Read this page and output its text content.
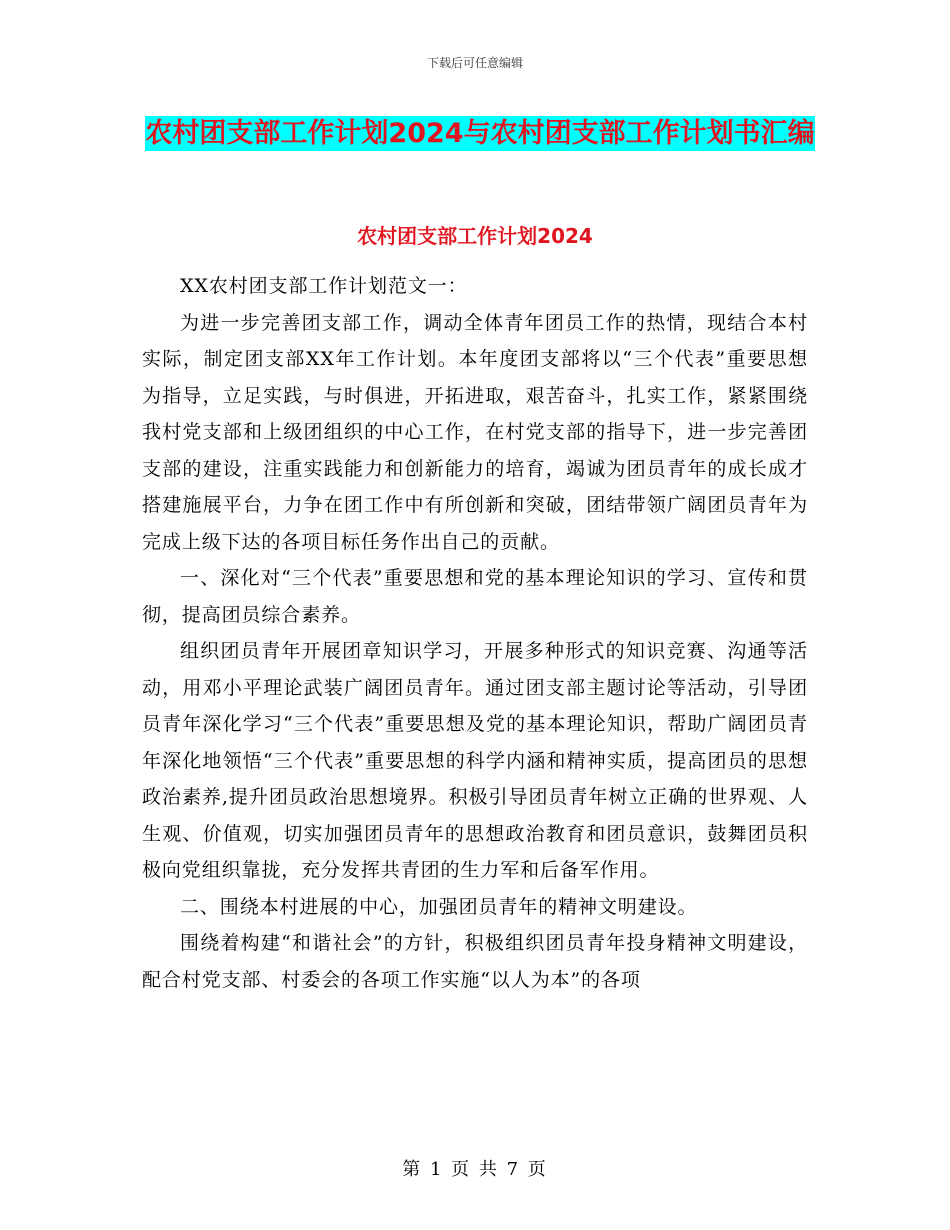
下载后可任意编辑
农村团支部工作计划2024与农村团支部工作计划书汇编
农村团支部工作计划2024

XX农村团支部工作计划范文一：

为进一步完善团支部工作，调动全体青年团员工作的热情，现结合本村实际，制定团支部XX年工作计划。本年度团支部将以“三个代表”重要思想为指导，立足实践，与时俱进，开拓进取，艰苦奋斗，扎实工作，紧紧围绕我村党支部和上级团组织的中心工作，在村党支部的指导下，进一步完善团支部的建设，注重实践能力和创新能力的培育，竭诚为团员青年的成长成才搭建施展平台，力争在团工作中有所创新和突破，团结带领广阔团员青年为完成上级下达的各项目标任务作出自己的贡献。

一、深化对“三个代表”重要思想和党的基本理论知识的学习、宣传和贯彻，提高团员综合素养。

组织团员青年开展团章知识学习，开展多种形式的知识竞赛、沟通等活动，用邓小平理论武装广阔团员青年。通过团支部主题讨论等活动，引导团员青年深化学习“三个代表”重要思想及党的基本理论知识，帮助广阔团员青年深化地领悟“三个代表”重要思想的科学内涵和精神实质，提高团员的思想政治素养,提升团员政治思想境界。积极引导团员青年树立正确的世界观、人生观、价值观，切实加强团员青年的思想政治教育和团员意识，鼓舞团员积极向党组织靠拢，充分发挥共青团的生力军和后备军作用。

二、围绕本村进展的中心，加强团员青年的精神文明建设。

围绕着构建“和谐社会”的方针，积极组织团员青年投身精神文明建设，配合村党支部、村委会的各项工作实施“以人为本”的各项

第 1 页 共 7 页
